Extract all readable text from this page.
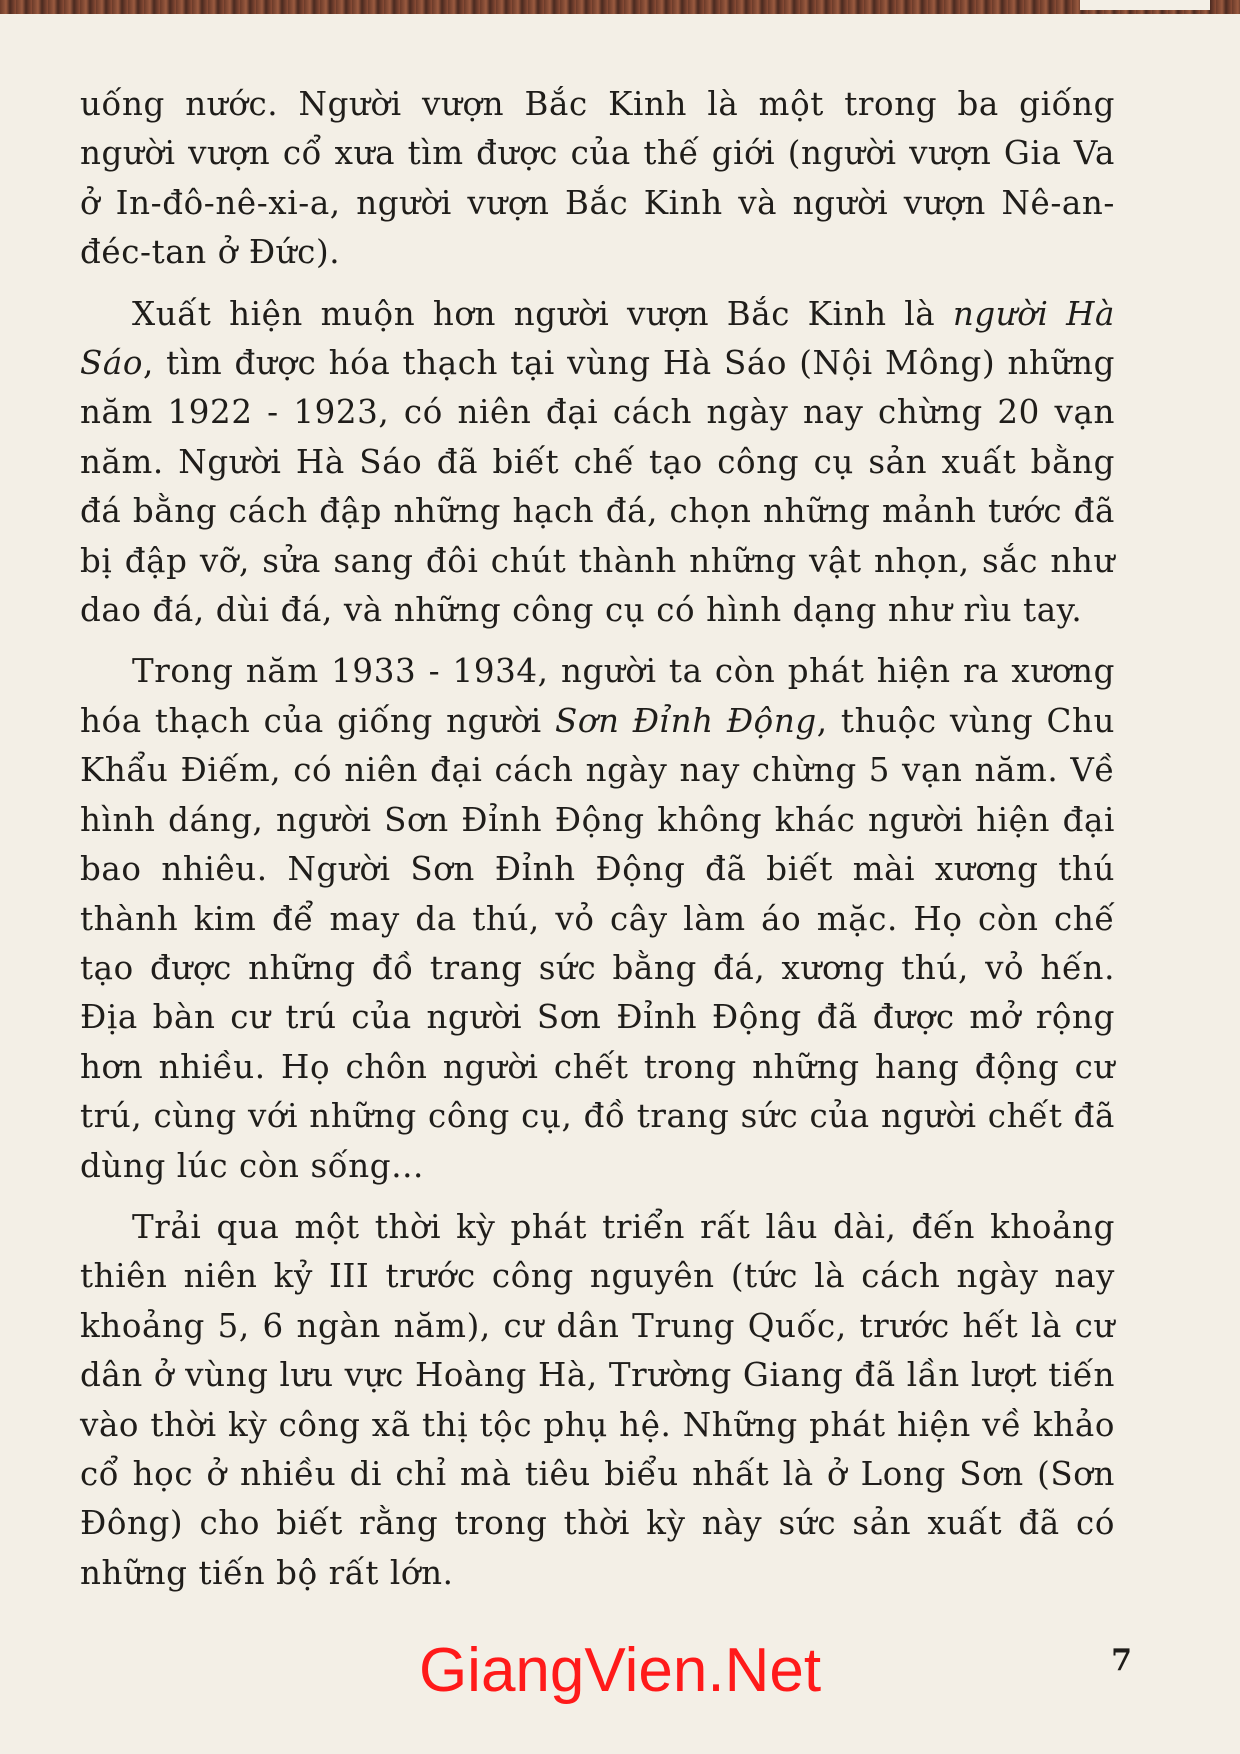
uống nước. Người vượn Bắc Kinh là một trong ba giống người vượn cổ xưa tìm được của thế giới (người vượn Gia Va ở In-đô-nê-xi-a, người vượn Bắc Kinh và người vượn Nê-an-đéc-tan ở Đức).

Xuất hiện muộn hơn người vượn Bắc Kinh là người Hà Sáo, tìm được hóa thạch tại vùng Hà Sáo (Nội Mông) những năm 1922 - 1923, có niên đại cách ngày nay chừng 20 vạn năm. Người Hà Sáo đã biết chế tạo công cụ sản xuất bằng đá bằng cách đập những hạch đá, chọn những mảnh tước đã bị đập vỡ, sửa sang đôi chút thành những vật nhọn, sắc như dao đá, dùi đá, và những công cụ có hình dạng như rìu tay.

Trong năm 1933 - 1934, người ta còn phát hiện ra xương hóa thạch của giống người Sơn Đỉnh Động, thuộc vùng Chu Khẩu Điếm, có niên đại cách ngày nay chừng 5 vạn năm. Về hình dáng, người Sơn Đỉnh Động không khác người hiện đại bao nhiêu. Người Sơn Đỉnh Động đã biết mài xương thú thành kim để may da thú, vỏ cây làm áo mặc. Họ còn chế tạo được những đồ trang sức bằng đá, xương thú, vỏ hến. Địa bàn cư trú của người Sơn Đỉnh Động đã được mở rộng hơn nhiều. Họ chôn người chết trong những hang động cư trú, cùng với những công cụ, đồ trang sức của người chết đã dùng lúc còn sống...

Trải qua một thời kỳ phát triển rất lâu dài, đến khoảng thiên niên kỷ III trước công nguyên (tức là cách ngày nay khoảng 5, 6 ngàn năm), cư dân Trung Quốc, trước hết là cư dân ở vùng lưu vực Hoàng Hà, Trường Giang đã lần lượt tiến vào thời kỳ công xã thị tộc phụ hệ. Những phát hiện về khảo cổ học ở nhiều di chỉ mà tiêu biểu nhất là ở Long Sơn (Sơn Đông) cho biết rằng trong thời kỳ này sức sản xuất đã có những tiến bộ rất lớn.

GiangVien.Net	7
